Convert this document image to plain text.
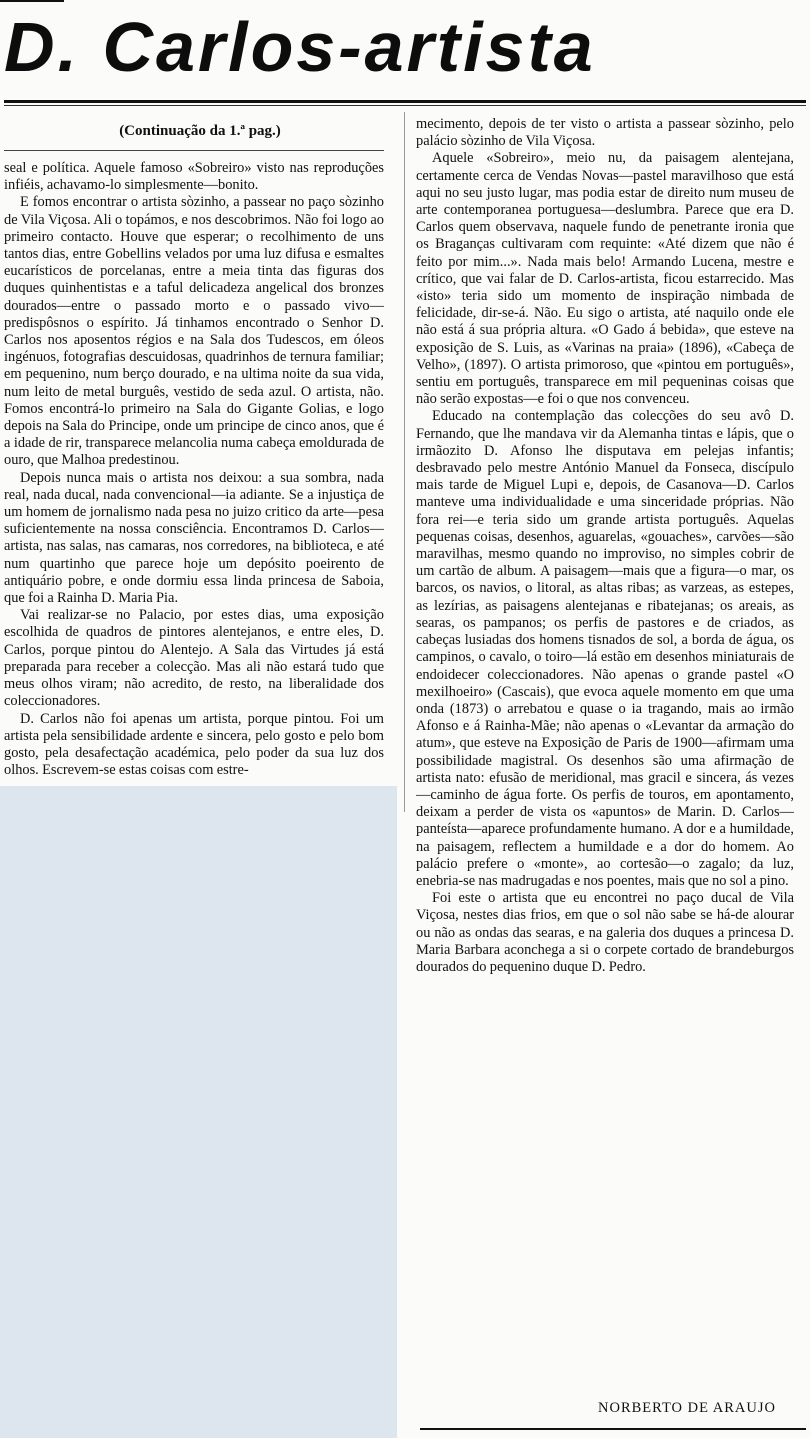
D. Carlos-artista
(Continuação da 1.ª pag.)

seal e política. Aquele famoso «Sobreiro» visto nas reproduções infiéis, achavamo-lo simplesmente—bonito.

E fomos encontrar o artista sòzinho, a passear no paço sòzinho de Vila Viçosa. Ali o topámos, e nos descobrimos. Não foi logo ao primeiro contacto. Houve que esperar; o recolhimento de uns tantos dias, entre Gobellins velados por uma luz difusa e esmaltes eucarísticos de porcelanas, entre a meia tinta das figuras dos duques quinhentistas e a taful delicadeza angelical dos bronzes dourados—entre o passado morto e o passado vivo—predispôsnos o espírito. Já tinhamos encontrado o Senhor D. Carlos nos aposentos régios e na Sala dos Tudescos, em óleos ingénuos, fotografias descuidosas, quadrinhos de ternura familiar; em pequenino, num berço dourado, e na ultima noite da sua vida, num leito de metal burguês, vestido de seda azul. O artista, não. Fomos encontrá-lo primeiro na Sala do Gigante Golias, e logo depois na Sala do Principe, onde um principe de cinco anos, que é a idade de rir, transparece melancolia numa cabeça emoldurada de ouro, que Malhoa predestinou.

Depois nunca mais o artista nos deixou: a sua sombra, nada real, nada ducal, nada convencional—ia adiante. Se a injustiça de um homem de jornalismo nada pesa no juizo critico da arte—pesa suficientemente na nossa consciência. Encontramos D. Carlos—artista, nas salas, nas camaras, nos corredores, na biblioteca, e até num quartinho que parece hoje um depósito poeirento de antiquário pobre, e onde dormiu essa linda princesa de Saboia, que foi a Rainha D. Maria Pia.

Vai realizar-se no Palacio, por estes dias, uma exposição escolhida de quadros de pintores alentejanos, e entre eles, D. Carlos, porque pintou do Alentejo. A Sala das Virtudes já está preparada para receber a colecção. Mas ali não estará tudo que meus olhos viram; não acredito, de resto, na liberalidade dos coleccionadores.

D. Carlos não foi apenas um artista, porque pintou. Foi um artista pela sensibilidade ardente e sincera, pelo gosto e pelo bom gosto, pela desafectação académica, pelo poder da sua luz dos olhos. Escrevem-se estas coisas com estre-

mecimento, depois de ter visto o artista a passear sòzinho, pelo palácio sòzinho de Vila Viçosa.

Aquele «Sobreiro», meio nu, da paisagem alentejana, certamente cerca de Vendas Novas—pastel maravilhoso que está aqui no seu justo lugar, mas podia estar de direito num museu de arte contemporanea portuguesa—deslumbra. Parece que era D. Carlos quem observava, naquele fundo de penetrante ironia que os Braganças cultivaram com requinte: «Até dizem que não é feito por mim...». Nada mais belo! Armando Lucena, mestre e crítico, que vai falar de D. Carlos-artista, ficou estarrecido. Mas «isto» teria sido um momento de inspiração nimbada de felicidade, dir-se-á. Não. Eu sigo o artista, até naquilo onde ele não está á sua própria altura. «O Gado á bebida», que esteve na exposição de S. Luis, as «Varinas na praia» (1896), «Cabeça de Velho», (1897). O artista primoroso, que «pintou em português», sentiu em português, transparece em mil pequeninas coisas que não serão expostas—e foi o que nos convenceu.

Educado na contemplação das colecções do seu avô D. Fernando, que lhe mandava vir da Alemanha tintas e lápis, que o irmãozito D. Afonso lhe disputava em pelejas infantis; desbravado pelo mestre António Manuel da Fonseca, discípulo mais tarde de Miguel Lupi e, depois, de Casanova—D. Carlos manteve uma individualidade e uma sinceridade próprias. Não fora rei—e teria sido um grande artista português. Aquelas pequenas coisas, desenhos, aguarelas, «gouaches», carvões—são maravilhas, mesmo quando no improviso, no simples cobrir de um cartão de album. A paisagem—mais que a figura—o mar, os barcos, os navios, o litoral, as altas ribas; as varzeas, as estepes, as lezírias, as paisagens alentejanas e ribatejanas; os areais, as searas, os pampanos; os perfis de pastores e de criados, as cabeças lusiadas dos homens tisnados de sol, a borda de água, os campinos, o cavalo, o toiro—lá estão em desenhos miniaturais de endoidecer coleccionadores. Não apenas o grande pastel «O mexilhoeiro» (Cascais), que evoca aquele momento em que uma onda (1873) o arrebatou e quase o ia tragando, mais ao irmão Afonso e á Rainha-Mãe; não apenas o «Levantar da armação do atum», que esteve na Exposição de Paris de 1900—afirmam uma possibilidade magistral. Os desenhos são uma afirmação de artista nato: efusão de meridional, mas gracil e sincera, ás vezes—caminho de água forte. Os perfis de touros, em apontamento, deixam a perder de vista os «apuntos» de Marin. D. Carlos—panteísta—aparece profundamente humano. A dor e a humildade, na paisagem, reflectem a humildade e a dor do homem. Ao palácio prefere o «monte», ao cortesão—o zagalo; da luz, enebria-se nas madrugadas e nos poentes, mais que no sol a pino.

Foi este o artista que eu encontrei no paço ducal de Vila Viçosa, nestes dias frios, em que o sol não sabe se há-de alourar ou não as ondas das searas, e na galeria dos duques a princesa D. Maria Barbara aconchega a si o corpete cortado de brandeburgos dourados do pequenino duque D. Pedro.

NORBERTO DE ARAUJO
